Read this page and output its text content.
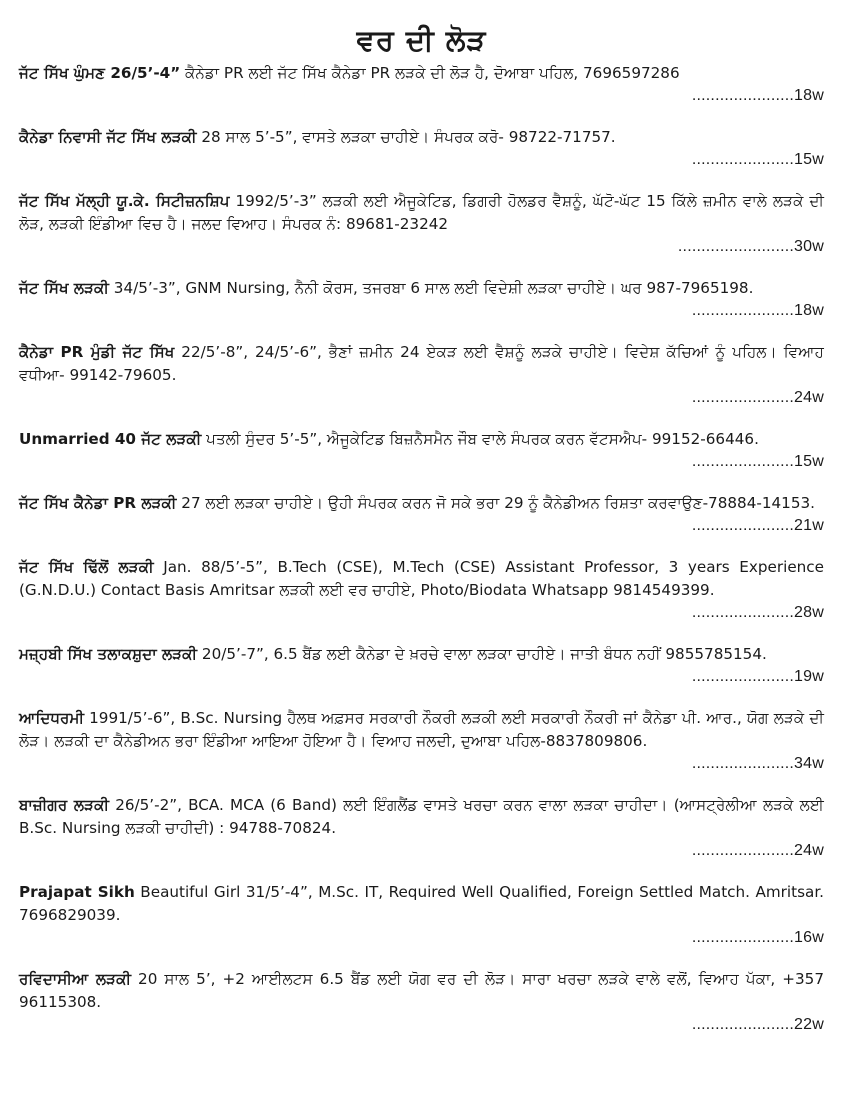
ਵਰ ਦੀ ਲੋੜ
ਜੱਟ ਸਿੱਖ ਘੁੰਮਣ 26/5’-4” ਕੈਨੇਡਾ PR ਲਈ ਜੱਟ ਸਿੱਖ ਕੈਨੇਡਾ PR ਲੜਕੇ ਦੀ ਲੋੜ ਹੈ, ਦੋਆਬਾ ਪਹਿਲ, 7696597286
......................18w
ਕੈਨੇਡਾ ਨਿਵਾਸੀ ਜੱਟ ਸਿੱਖ ਲੜਕੀ 28 ਸਾਲ 5’-5”, ਵਾਸਤੇ ਲੜਕਾ ਚਾਹੀਏ। ਸੰਪਰਕ ਕਰੋ- 98722-71757.
......................15w
ਜੱਟ ਸਿੱਖ ਮੱਲ੍ਹੀ ਯੂ.ਕੇ. ਸਿਟੀਜ਼ਨਸ਼ਿਪ 1992/5’-3” ਲੜਕੀ ਲਈ ਐਜੂਕੇਟਿਡ, ਡਿਗਰੀ ਹੋਲਡਰ ਵੈਸ਼ਨੂੰ, ਘੱਟੋ-ਘੱਟ 15 ਕਿੱਲੇ ਜ਼ਮੀਨ ਵਾਲੇ ਲੜਕੇ ਦੀ ਲੋੜ, ਲੜਕੀ ਇੰਡੀਆ ਵਿਚ ਹੈ। ਜਲਦ ਵਿਆਹ। ਸੰਪਰਕ ਨੰ: 89681-23242
.........................30w
ਜੱਟ ਸਿੱਖ ਲੜਕੀ 34/5’-3”, GNM Nursing, ਨੈਨੀ ਕੋਰਸ, ਤਜਰਬਾ 6 ਸਾਲ ਲਈ ਵਿਦੇਸ਼ੀ ਲੜਕਾ ਚਾਹੀਏ। ਘਰ 987-7965198.
......................18w
ਕੈਨੇਡਾ PR ਮੁੰਡੀ ਜੱਟ ਸਿੱਖ 22/5’-8”, 24/5’-6”, ਭੈਣਾਂ ਜ਼ਮੀਨ 24 ਏਕੜ ਲਈ ਵੈਸ਼ਨੂੰ ਲੜਕੇ ਚਾਹੀਏ। ਵਿਦੇਸ਼ ਕੱਚਿਆਂ ਨੂੰ ਪਹਿਲ। ਵਿਆਹ ਵਧੀਆ- 99142-79605.
......................24w
Unmarried 40 ਜੱਟ ਲੜਕੀ ਪਤਲੀ ਸੁੰਦਰ 5’-5”, ਐਜੂਕੇਟਿਡ ਬਿਜ਼ਨੈਸਮੈਨ ਜੌਬ ਵਾਲੇ ਸੰਪਰਕ ਕਰਨ ਵੱਟਸਐਪ- 99152-66446.
......................15w
ਜੱਟ ਸਿੱਖ ਕੈਨੇਡਾ PR ਲੜਕੀ 27 ਲਈ ਲੜਕਾ ਚਾਹੀਏ। ਉਹੀ ਸੰਪਰਕ ਕਰਨ ਜੋ ਸਕੇ ਭਰਾ 29 ਨੂੰ ਕੈਨੇਡੀਅਨ ਰਿਸ਼ਤਾ ਕਰਵਾਉਣ-78884-14153.
......................21w
ਜੱਟ ਸਿੱਖ ਢਿੱਲੋਂ ਲੜਕੀ Jan. 88/5’-5”, B.Tech (CSE), M.Tech (CSE) Assistant Professor, 3 years Experience (G.N.D.U.) Contact Basis Amritsar ਲੜਕੀ ਲਈ ਵਰ ਚਾਹੀਏ, Photo/Biodata Whatsapp 9814549399.
......................28w
ਮਜ਼੍ਹਬੀ ਸਿੱਖ ਤਲਾਕਸ਼ੁਦਾ ਲੜਕੀ 20/5’-7”, 6.5 ਬੈਂਡ ਲਈ ਕੈਨੇਡਾ ਦੇ ਖ਼ਰਚੇ ਵਾਲਾ ਲੜਕਾ ਚਾਹੀਏ। ਜਾਤੀ ਬੰਧਨ ਨਹੀਂ 9855785154.
......................19w
ਆਦਿਧਰਮੀ 1991/5’-6”, B.Sc. Nursing ਹੈਲਥ ਅਫ਼ਸਰ ਸਰਕਾਰੀ ਨੌਕਰੀ ਲੜਕੀ ਲਈ ਸਰਕਾਰੀ ਨੌਕਰੀ ਜਾਂ ਕੈਨੇਡਾ ਪੀ. ਆਰ., ਯੋਗ ਲੜਕੇ ਦੀ ਲੋੜ। ਲੜਕੀ ਦਾ ਕੈਨੇਡੀਅਨ ਭਰਾ ਇੰਡੀਆ ਆਇਆ ਹੋਇਆ ਹੈ। ਵਿਆਹ ਜਲਦੀ, ਦੁਆਬਾ ਪਹਿਲ-8837809806.
......................34w
ਬਾਜ਼ੀਗਰ ਲੜਕੀ 26/5’-2”, BCA. MCA (6 Band) ਲਈ ਇੰਗਲੈਂਡ ਵਾਸਤੇ ਖਰਚਾ ਕਰਨ ਵਾਲਾ ਲੜਕਾ ਚਾਹੀਦਾ। (ਆਸਟ੍ਰੇਲੀਆ ਲੜਕੇ ਲਈ B.Sc. Nursing ਲੜਕੀ ਚਾਹੀਦੀ) : 94788-70824.
......................24w
Prajapat Sikh Beautiful Girl 31/5’-4”, M.Sc. IT, Required Well Qualified, Foreign Settled Match. Amritsar. 7696829039.
......................16w
ਰਵਿਦਾਸੀਆ ਲੜਕੀ 20 ਸਾਲ 5’, +2 ਆਈਲਟਸ 6.5 ਬੈਂਡ ਲਈ ਯੋਗ ਵਰ ਦੀ ਲੋੜ। ਸਾਰਾ ਖਰਚਾ ਲੜਕੇ ਵਾਲੇ ਵਲੋਂ, ਵਿਆਹ ਪੱਕਾ, +357 96115308.
......................22w
